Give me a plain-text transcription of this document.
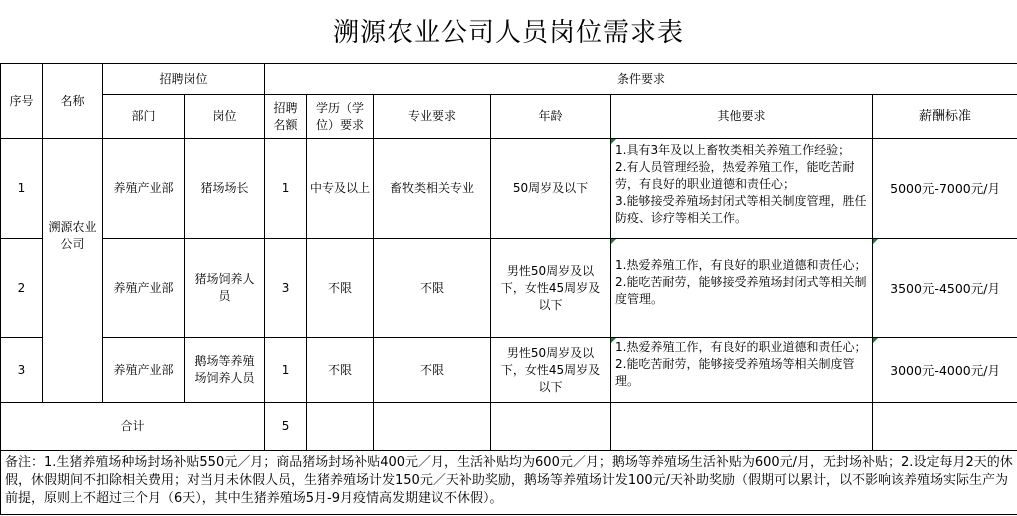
溯源农业公司人员岗位需求表
序号	名称	招聘岗位		条件要求					
		部门	岗位	招聘名额	学历（学位）要求	专业要求	年龄	其他要求	薪酬标准
1	溯源农业公司	养殖产业部	猪场场长	1	中专及以上	畜牧类相关专业	50周岁及以下	1.具有3年及以上畜牧类相关养殖工作经验；
2.有人员管理经验，热爱养殖工作，能吃苦耐劳，有良好的职业道德和责任心；
3.能够接受养殖场封闭式等相关制度管理，胜任防疫、诊疗等相关工作。	5000元-7000元/月
2		养殖产业部	猪场饲养人员	3	不限	不限	男性50周岁及以下，女性45周岁及以下	1.热爱养殖工作，有良好的职业道德和责任心；
2.能吃苦耐劳，能够接受养殖场封闭式等相关制度管理。	3500元-4500元/月
3		养殖产业部	鹅场等养殖场饲养人员	1	不限	不限	男性50周岁及以下，女性45周岁及以下	1.热爱养殖工作，有良好的职业道德和责任心；
2.能吃苦耐劳，能够接受养殖场等相关制度管理。	3000元-4000元/月
合计				5					
备注：1.生猪养殖场种场封场补贴550元／月；商品猪场封场补贴400元／月，生活补贴均为600元／月；鹅场等养殖场生活补贴为600元/月，无封场补贴；2.设定每月2天的休假，休假期间不扣除相关费用；对当月未休假人员，生猪养殖场计发150元／天补助奖励，鹅场等养殖场计发100元/天补助奖励（假期可以累计，以不影响该养殖场实际生产为前提，原则上不超过三个月（6天），其中生猪养殖场5月-9月疫情高发期建议不休假）。									
